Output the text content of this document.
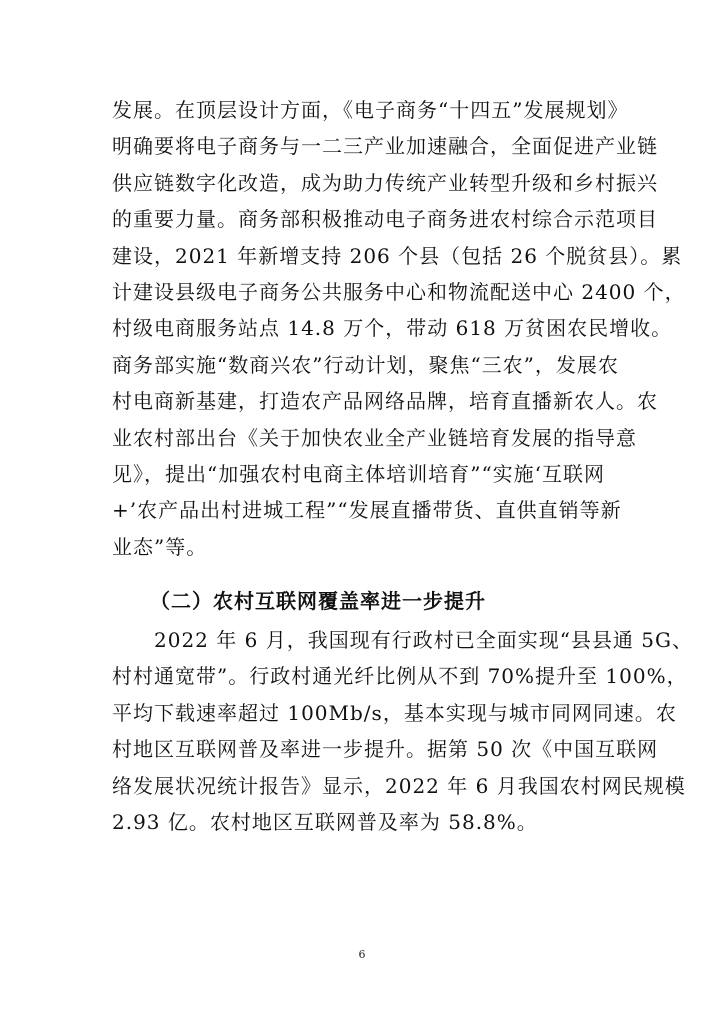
发展。在顶层设计方面，《电子商务“十四五”发展规划》
明确要将电子商务与一二三产业加速融合，全面促进产业链
供应链数字化改造，成为助力传统产业转型升级和乡村振兴
的重要力量。商务部积极推动电子商务进农村综合示范项目
建设，2021 年新增支持 206 个县（包括 26 个脱贫县）。累
计建设县级电子商务公共服务中心和物流配送中心 2400 个，
村级电商服务站点 14.8 万个，带动 618 万贫困农民增收。
商务部实施“数商兴农”行动计划，聚焦“三农”，发展农
村电商新基建，打造农产品网络品牌，培育直播新农人。农
业农村部出台《关于加快农业全产业链培育发展的指导意
见》，提出“加强农村电商主体培训培育”“实施‘互联网
+’农产品出村进城工程”“发展直播带货、直供直销等新
业态”等。
（二）农村互联网覆盖率进一步提升
　　2022 年 6 月，我国现有行政村已全面实现“县县通 5G、
村村通宽带”。行政村通光纤比例从不到 70%提升至 100%，
平均下载速率超过 100Mb/s，基本实现与城市同网同速。农
村地区互联网普及率进一步提升。据第 50 次《中国互联网
络发展状况统计报告》显示，2022 年 6 月我国农村网民规模
2.93 亿。农村地区互联网普及率为 58.8%。
6
